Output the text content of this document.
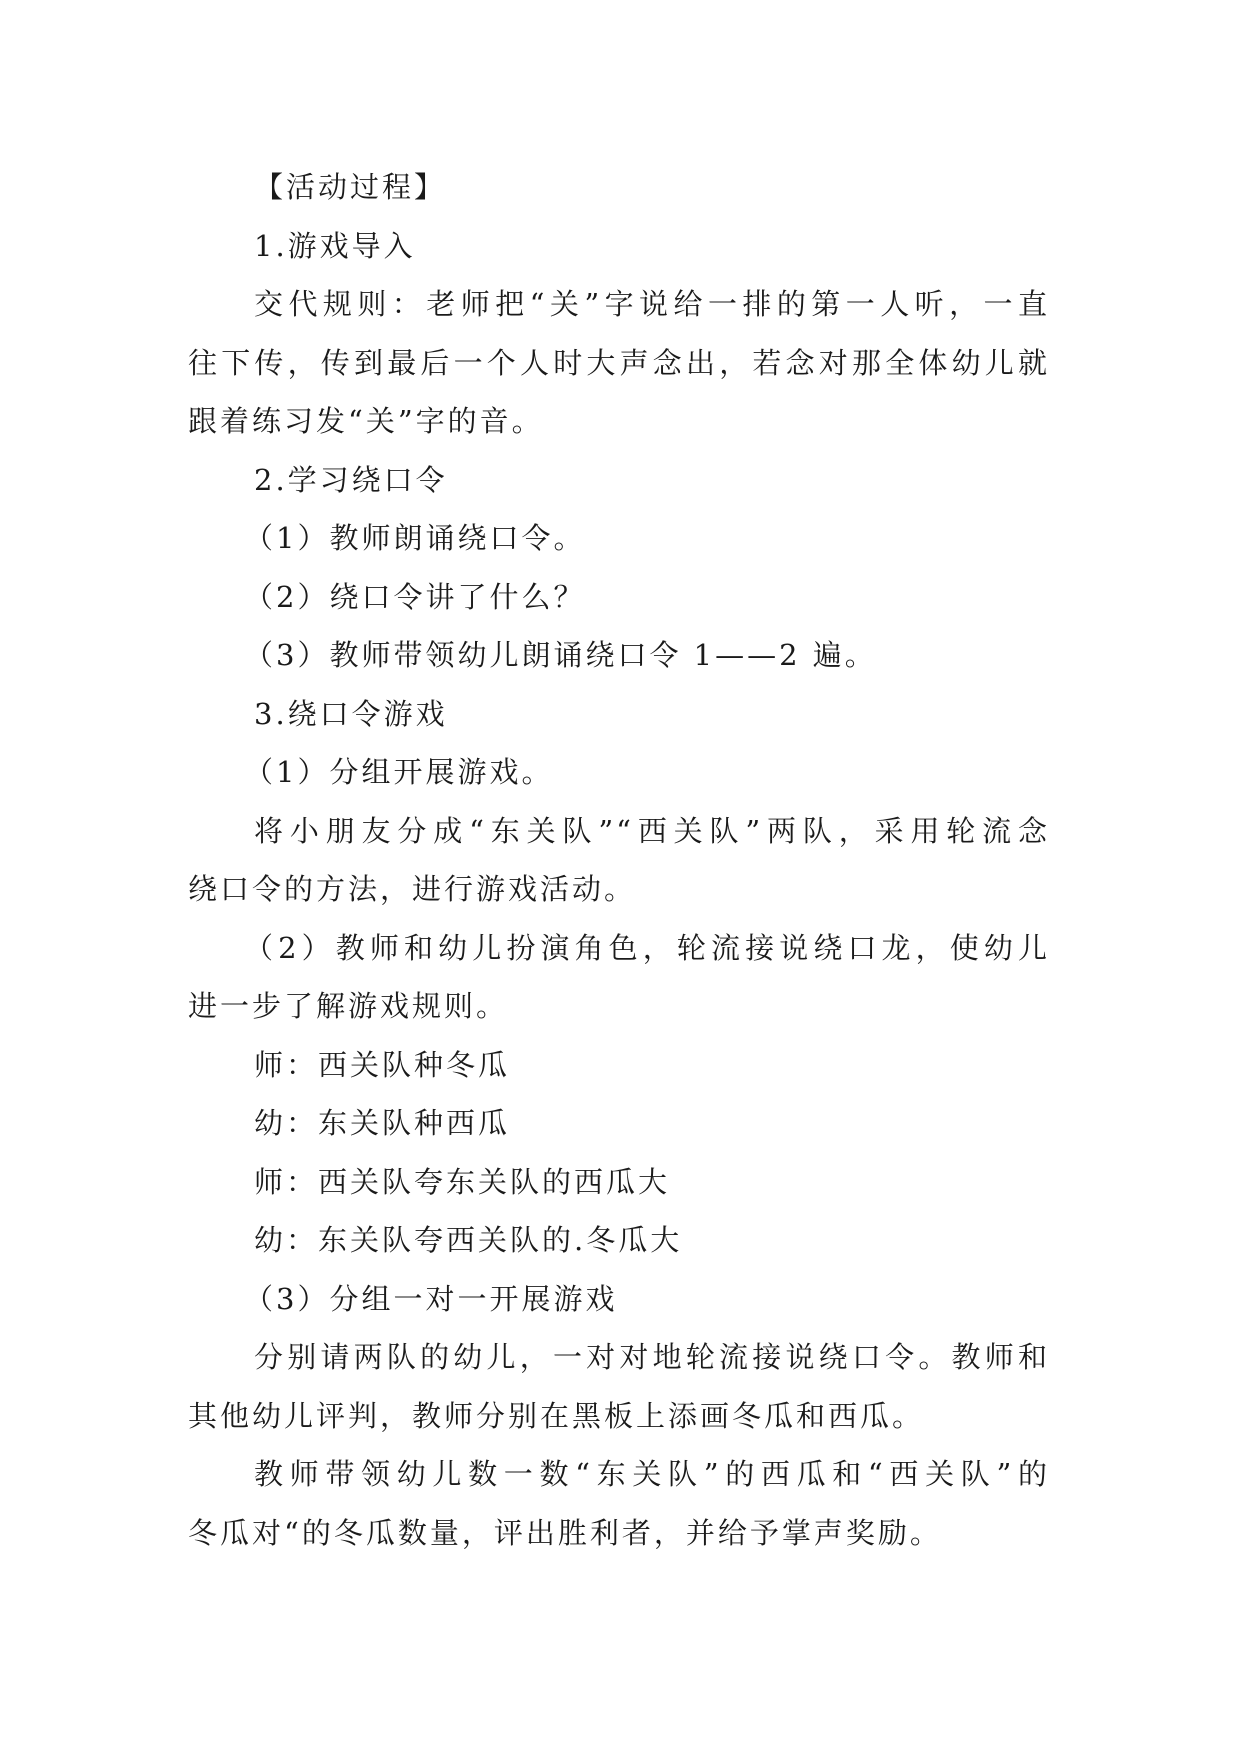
【活动过程】

1.游戏导入

交代规则：老师把“关”字说给一排的第一人听，一直

往下传，传到最后一个人时大声念出，若念对那全体幼儿就

跟着练习发“关”字的音。

2.学习绕口令

（1）教师朗诵绕口令。

（2）绕口令讲了什么？

（3）教师带领幼儿朗诵绕口令 1——2 遍。

3.绕口令游戏

（1）分组开展游戏。

将小朋友分成“东关队”“西关队”两队，采用轮流念

绕口令的方法，进行游戏活动。

（2）教师和幼儿扮演角色，轮流接说绕口龙，使幼儿

进一步了解游戏规则。

师：西关队种冬瓜

幼：东关队种西瓜

师：西关队夸东关队的西瓜大

幼：东关队夸西关队的.冬瓜大

（3）分组一对一开展游戏

分别请两队的幼儿，一对对地轮流接说绕口令。教师和

其他幼儿评判，教师分别在黑板上添画冬瓜和西瓜。

教师带领幼儿数一数“东关队”的西瓜和“西关队”的

冬瓜对“的冬瓜数量，评出胜利者，并给予掌声奖励。
